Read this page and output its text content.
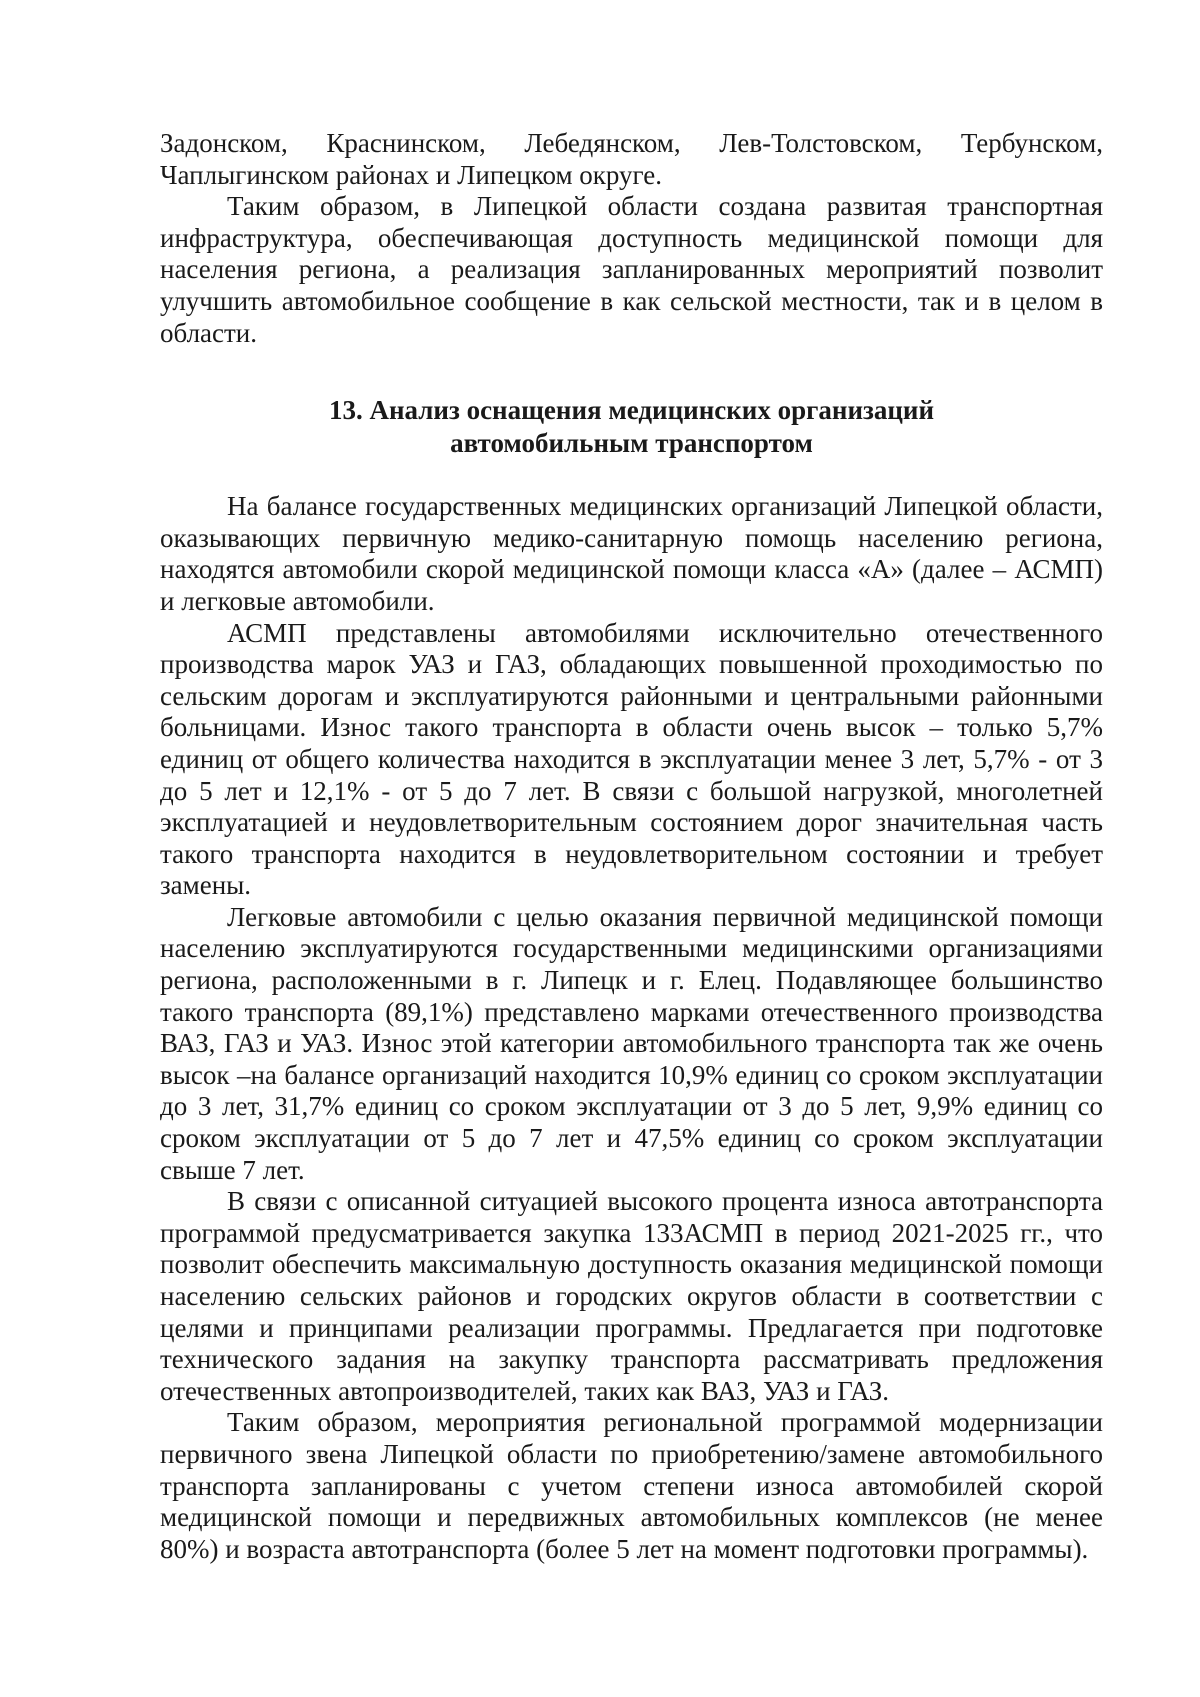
Задонском, Краснинском, Лебедянском, Лев-Толстовском, Тербунском, Чаплыгинском районах и Липецком округе.

Таким образом, в Липецкой области создана развитая транспортная инфраструктура, обеспечивающая доступность медицинской помощи для населения региона, а реализация запланированных мероприятий позволит улучшить автомобильное сообщение в как сельской местности, так и в целом в области.

13. Анализ оснащения медицинских организаций
автомобильным транспортом

На балансе государственных медицинских организаций Липецкой области, оказывающих первичную медико-санитарную помощь населению региона, находятся автомобили скорой медицинской помощи класса «А» (далее – АСМП) и легковые автомобили.

АСМП представлены автомобилями исключительно отечественного производства марок УАЗ и ГАЗ, обладающих повышенной проходимостью по сельским дорогам и эксплуатируются районными и центральными районными больницами. Износ такого транспорта в области очень высок – только 5,7% единиц от общего количества находится в эксплуатации менее 3 лет, 5,7% - от 3 до 5 лет и 12,1% - от 5 до 7 лет. В связи с большой нагрузкой, многолетней эксплуатацией и неудовлетворительным состоянием дорог значительная часть такого транспорта находится в неудовлетворительном состоянии и требует замены.

Легковые автомобили с целью оказания первичной медицинской помощи населению эксплуатируются государственными медицинскими организациями региона, расположенными в г. Липецк и г. Елец. Подавляющее большинство такого транспорта (89,1%) представлено марками отечественного производства ВАЗ, ГАЗ и УАЗ. Износ этой категории автомобильного транспорта так же очень высок –на балансе организаций находится 10,9% единиц со сроком эксплуатации до 3 лет, 31,7% единиц со сроком эксплуатации от 3 до 5 лет, 9,9% единиц со сроком эксплуатации от 5 до 7 лет и 47,5% единиц со сроком эксплуатации свыше 7 лет.

В связи с описанной ситуацией высокого процента износа автотранспорта программой предусматривается закупка 133АСМП в период 2021-2025 гг., что позволит обеспечить максимальную доступность оказания медицинской помощи населению сельских районов и городских округов области в соответствии с целями и принципами реализации программы. Предлагается при подготовке технического задания на закупку транспорта рассматривать предложения отечественных автопроизводителей, таких как ВАЗ, УАЗ и ГАЗ.

Таким образом, мероприятия региональной программой модернизации первичного звена Липецкой области по приобретению/замене автомобильного транспорта запланированы с учетом степени износа автомобилей скорой медицинской помощи и передвижных автомобильных комплексов (не менее 80%) и возраста автотранспорта (более 5 лет на момент подготовки программы).
